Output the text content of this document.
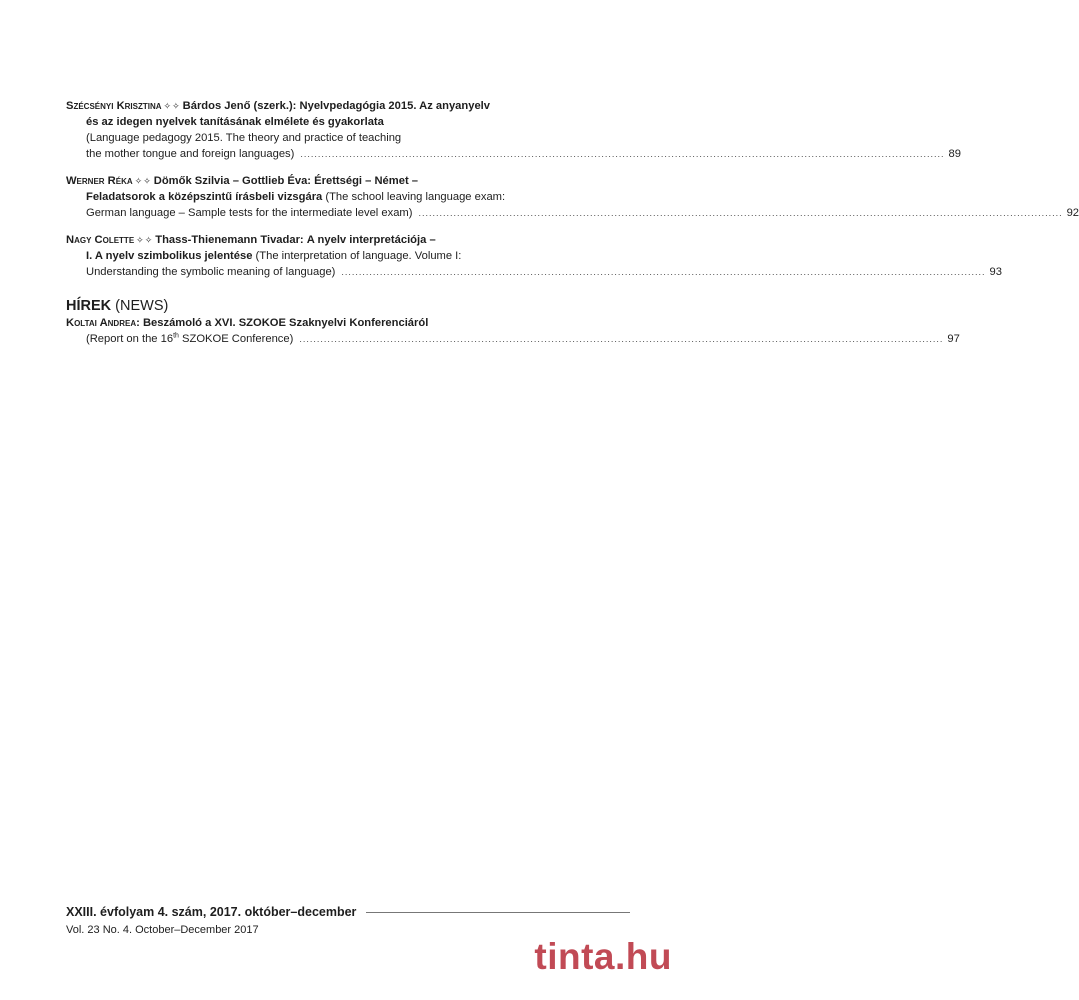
Szécsényi Krisztina ✧✧ Bárdos Jenő (szerk.): Nyelvpedagógia 2015. Az anyanyelv
és az idegen nyelvek tanításának elmélete és gyakorlata
(Language pedagogy 2015. The theory and practice of teaching
the mother tongue and foreign languages) ........................................................................................................................................................................................ 89
Werner Réka ✧✧ Dömők Szilvia – Gottlieb Éva: Érettségi – Német –
Feladatsorok a középszintű írásbeli vizsgára (The school leaving language exam:
German language – Sample tests for the intermediate level exam) ........................................................................................................................................................................................ 92
Nagy Colette ✧✧ Thass-Thienemann Tivadar: A nyelv interpretációja –
I. A nyelv szimbolikus jelentése (The interpretation of language. Volume I:
Understanding the symbolic meaning of language) ........................................................................................................................................................................................ 93
HÍREK (NEWS)
Koltai Andrea: Beszámoló a XVI. SZOKOE Szaknyelvi Konferenciáról
(Report on the 16th SZOKOE Conference) ........................................................................................................................................................................................ 97
XXIII. évfolyam 4. szám, 2017. október–december
Vol. 23 No. 4. October–December 2017
tinta.hu
